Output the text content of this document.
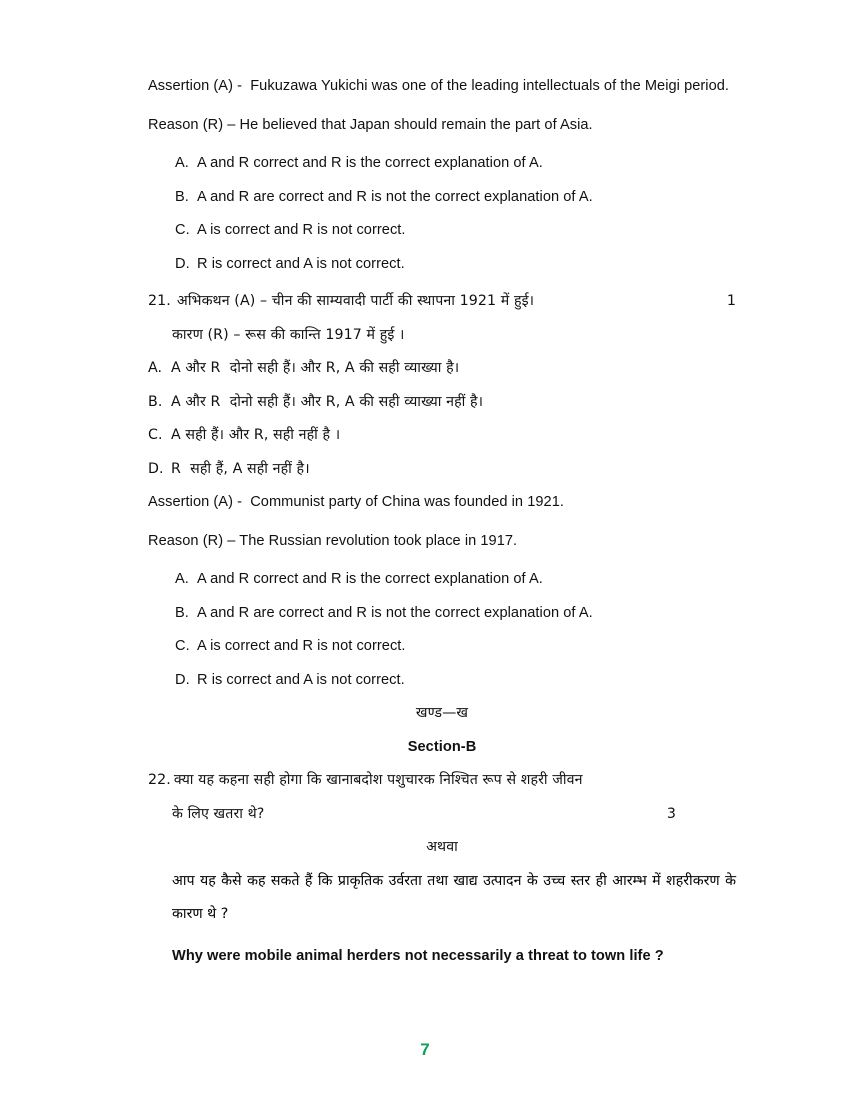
Assertion (A) -  Fukuzawa Yukichi was one of the leading intellectuals of the Meigi period.
Reason (R) – He believed that Japan should remain the part of Asia.
A. A and R correct and R is the correct explanation of A.
B. A and R are correct and R is not the correct explanation of A.
C. A is correct and R is not correct.
D. R is correct and A is not correct.
21. अभिकथन (A) – चीन की साम्यवादी पार्टी की स्थापना 1921 में हुई।	1
कारण (R) – रूस की कान्ति 1917 में हुई ।
A. A और R  दोनो सही हैं। और R, A की सही व्याख्या है।
B. A और R  दोनो सही हैं। और R, A की सही व्याख्या नहीं है।
C. A सही हैं। और R, सही नहीं है ।
D. R  सही हैं, A सही नहीं है।
Assertion (A) -  Communist party of China was founded in 1921.
Reason (R) – The Russian revolution took place in 1917.
A. A and R correct and R is the correct explanation of A.
B. A and R are correct and R is not the correct explanation of A.
C. A is correct and R is not correct.
D. R is correct and A is not correct.
खण्ड—ख
Section-B
22. क्या यह कहना सही होगा कि खानाबदोश पशुचारक निश्चित रूप से शहरी जीवन
के लिए खतरा थे?	3
अथवा
आप यह कैसे कह सकते हैं कि प्राकृतिक उर्वरता तथा खाद्य उत्पादन के उच्च स्तर ही आरम्भ में शहरीकरण के कारण थे ?
Why were mobile animal herders not necessarily a threat to town life ?
7
